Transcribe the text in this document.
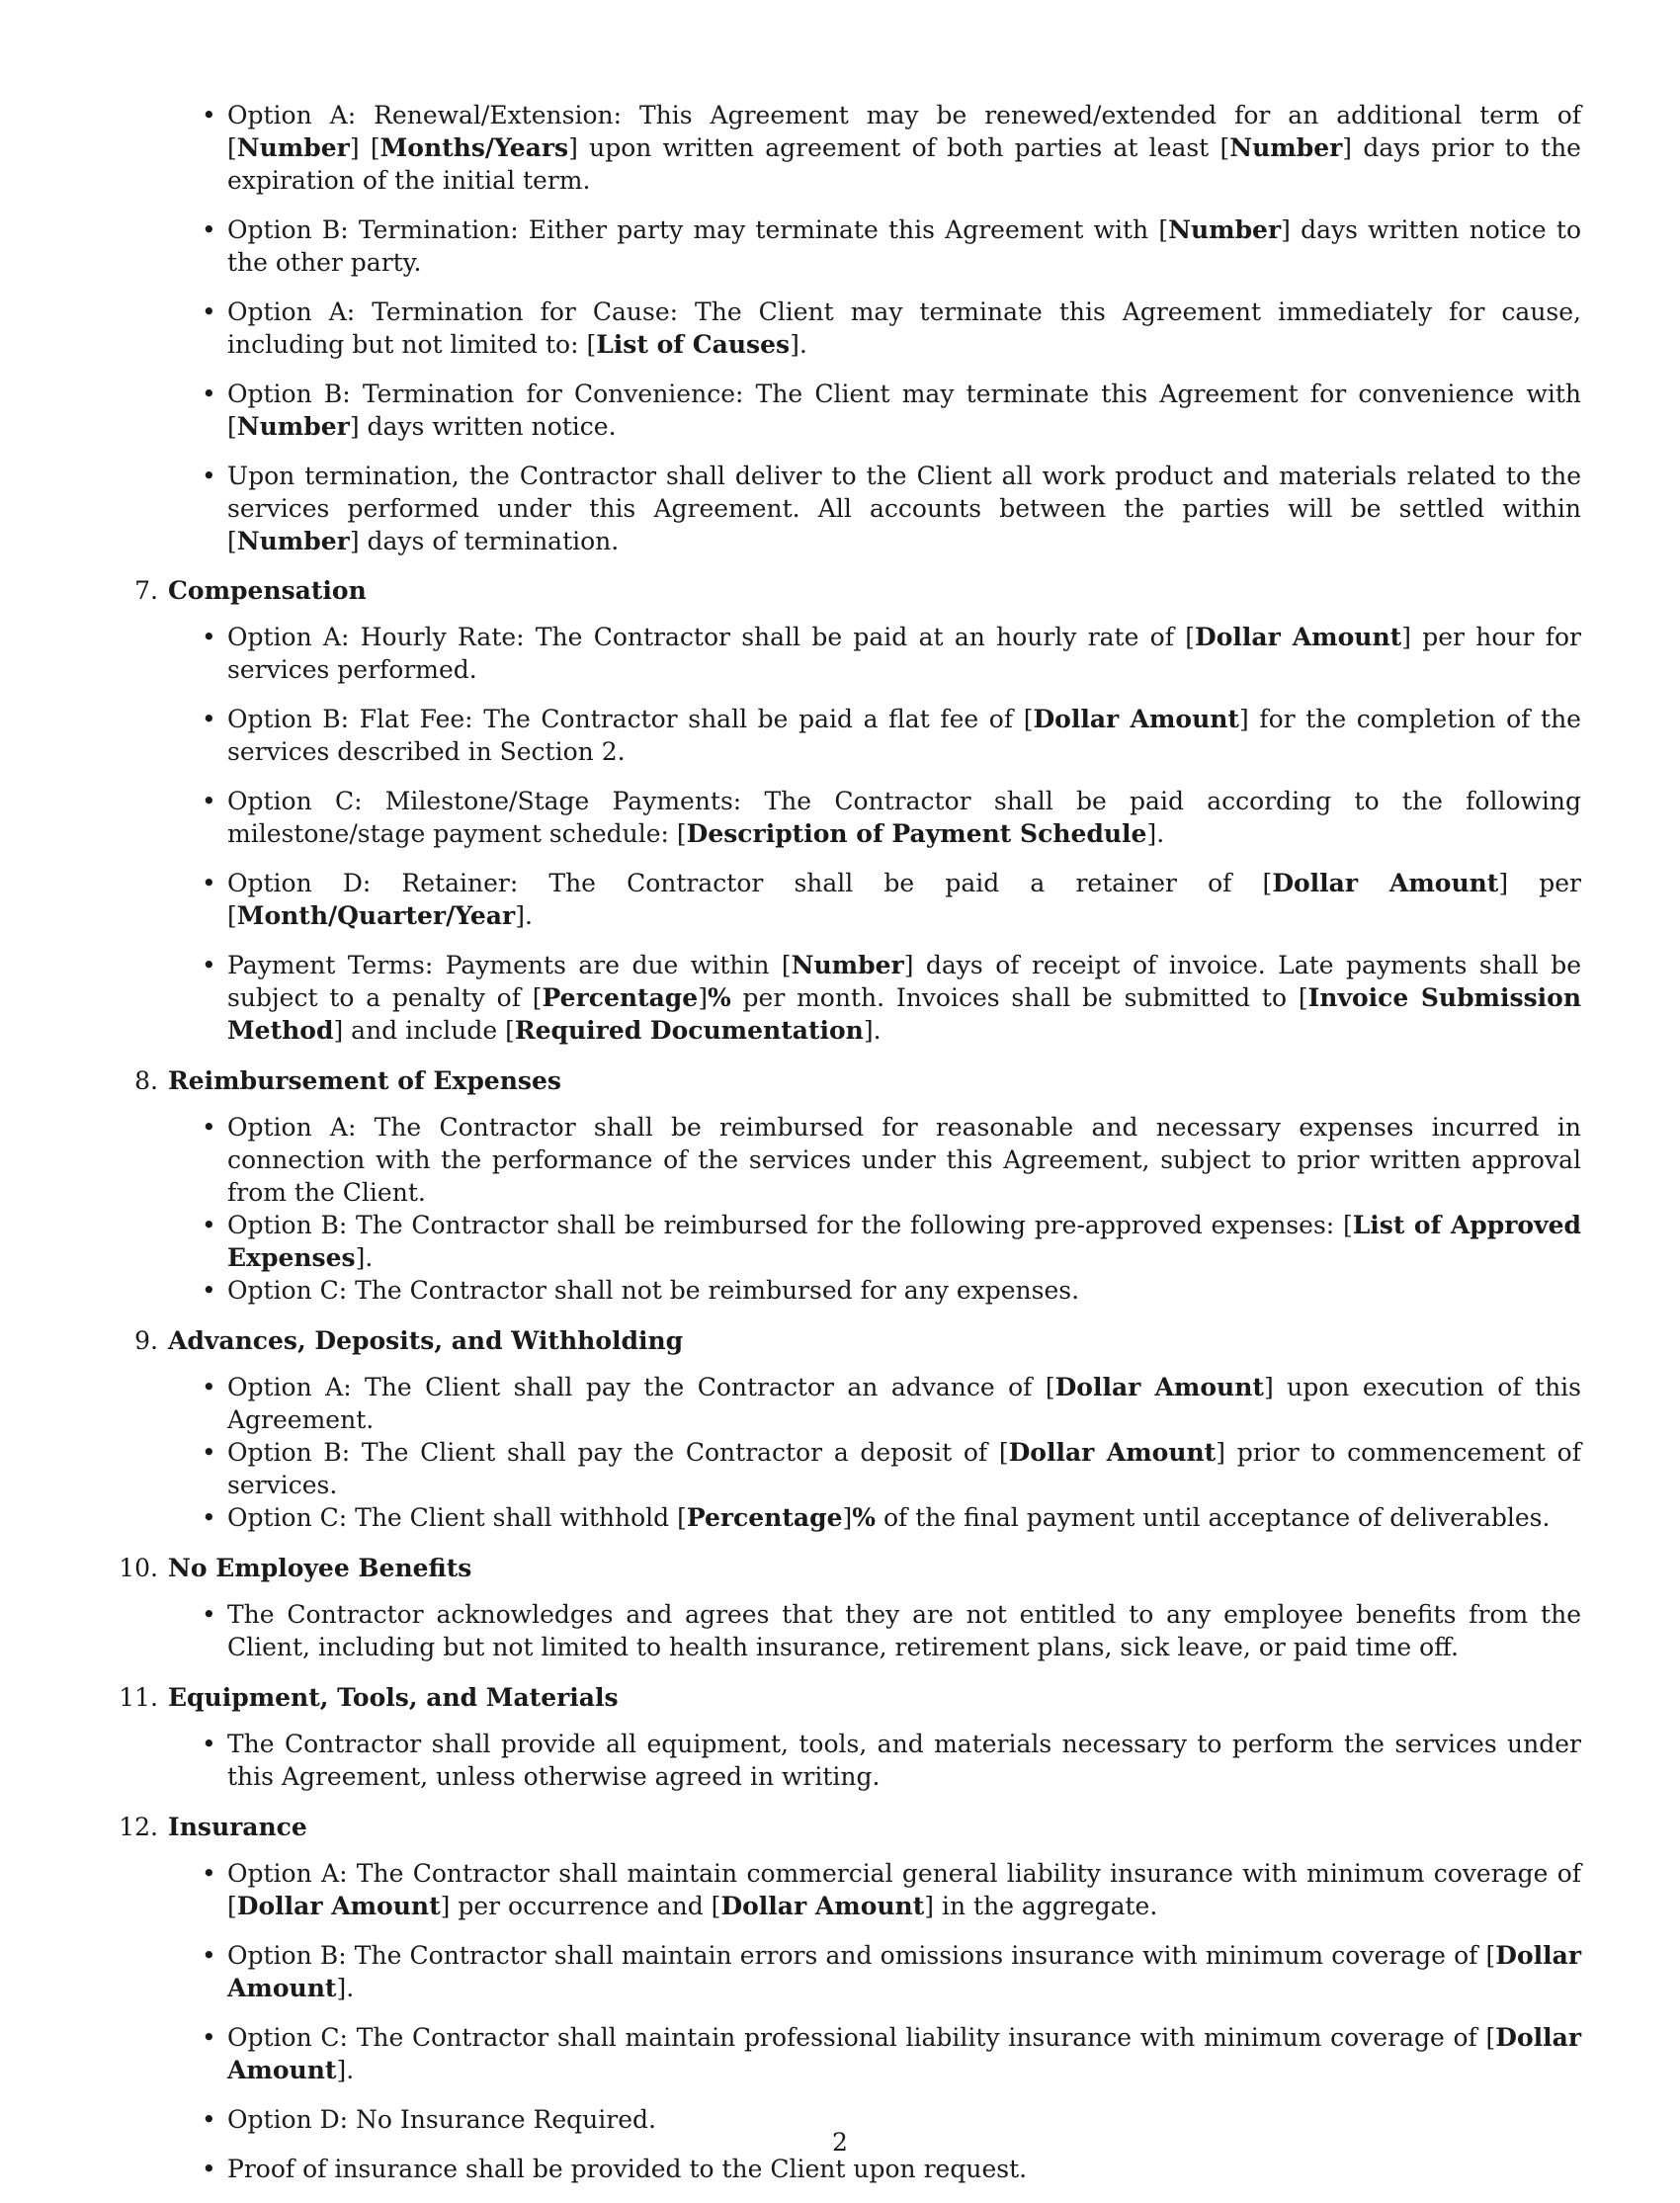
• Option A: Renewal/Extension: This Agreement may be renewed/extended for an additional term of [Number] [Months/Years] upon written agreement of both parties at least [Number] days prior to the expiration of the initial term.
• Option B: Termination: Either party may terminate this Agreement with [Number] days written notice to the other party.
• Option A: Termination for Cause: The Client may terminate this Agreement immediately for cause, including but not limited to: [List of Causes].
• Option B: Termination for Convenience: The Client may terminate this Agreement for convenience with [Number] days written notice.
• Upon termination, the Contractor shall deliver to the Client all work product and materials related to the services performed under this Agreement. All accounts between the parties will be settled within [Number] days of termination.
7. Compensation
• Option A: Hourly Rate: The Contractor shall be paid at an hourly rate of [Dollar Amount] per hour for services performed.
• Option B: Flat Fee: The Contractor shall be paid a flat fee of [Dollar Amount] for the completion of the services described in Section 2.
• Option C: Milestone/Stage Payments: The Contractor shall be paid according to the following milestone/stage payment schedule: [Description of Payment Schedule].
• Option D: Retainer: The Contractor shall be paid a retainer of [Dollar Amount] per [Month/Quarter/Year].
• Payment Terms: Payments are due within [Number] days of receipt of invoice. Late payments shall be subject to a penalty of [Percentage]% per month. Invoices shall be submitted to [Invoice Submission Method] and include [Required Documentation].
8. Reimbursement of Expenses
• Option A: The Contractor shall be reimbursed for reasonable and necessary expenses incurred in connection with the performance of the services under this Agreement, subject to prior written approval from the Client.
• Option B: The Contractor shall be reimbursed for the following pre-approved expenses: [List of Approved Expenses].
• Option C: The Contractor shall not be reimbursed for any expenses.
9. Advances, Deposits, and Withholding
• Option A: The Client shall pay the Contractor an advance of [Dollar Amount] upon execution of this Agreement.
• Option B: The Client shall pay the Contractor a deposit of [Dollar Amount] prior to commencement of services.
• Option C: The Client shall withhold [Percentage]% of the final payment until acceptance of deliverables.
10. No Employee Benefits
• The Contractor acknowledges and agrees that they are not entitled to any employee benefits from the Client, including but not limited to health insurance, retirement plans, sick leave, or paid time off.
11. Equipment, Tools, and Materials
• The Contractor shall provide all equipment, tools, and materials necessary to perform the services under this Agreement, unless otherwise agreed in writing.
12. Insurance
• Option A: The Contractor shall maintain commercial general liability insurance with minimum coverage of [Dollar Amount] per occurrence and [Dollar Amount] in the aggregate.
• Option B: The Contractor shall maintain errors and omissions insurance with minimum coverage of [Dollar Amount].
• Option C: The Contractor shall maintain professional liability insurance with minimum coverage of [Dollar Amount].
• Option D: No Insurance Required.
• Proof of insurance shall be provided to the Client upon request.
2
